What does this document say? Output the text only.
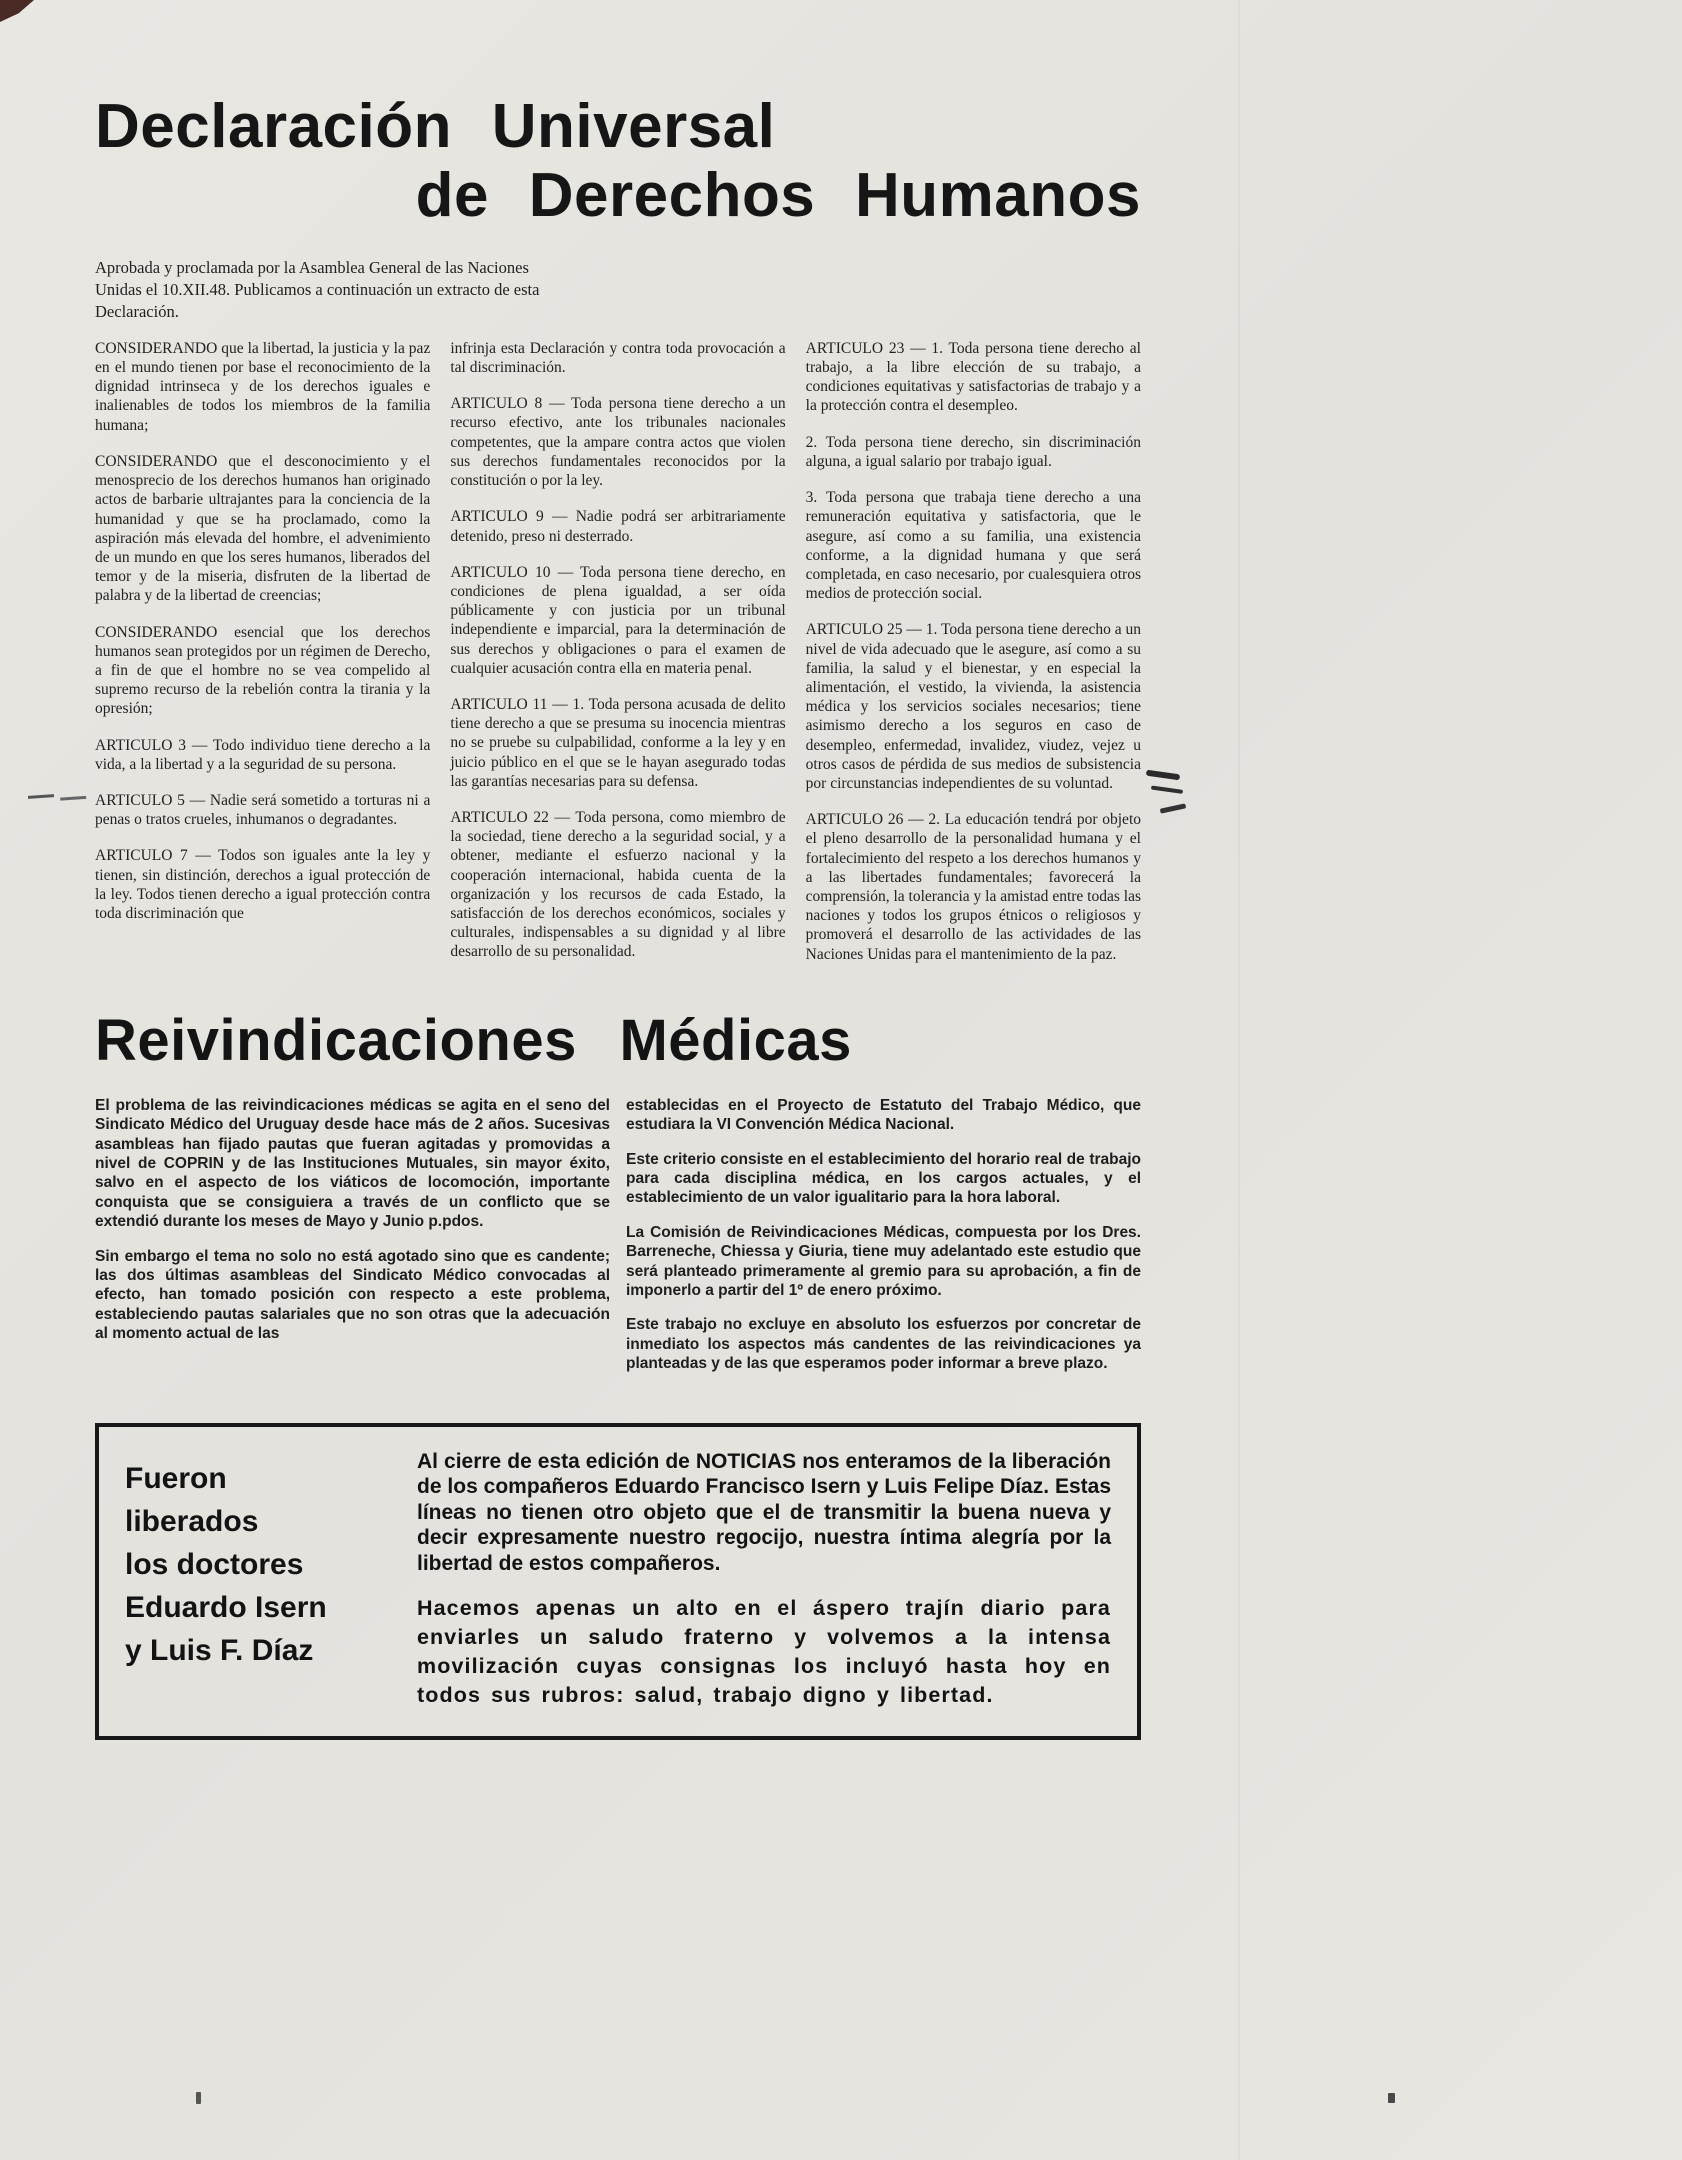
Declaración Universal
de Derechos Humanos
Aprobada y proclamada por la Asamblea General de las Naciones Unidas el 10.XII.48. Publicamos a continuación un extracto de esta Declaración.

CONSIDERANDO que la libertad, la justicia y la paz en el mundo tienen por base el reconocimiento de la dignidad intrinseca y de los derechos iguales e inalienables de todos los miembros de la familia humana;

CONSIDERANDO que el desconocimiento y el menosprecio de los derechos humanos han originado actos de barbarie ultrajantes para la conciencia de la humanidad y que se ha proclamado, como la aspiración más elevada del hombre, el advenimiento de un mundo en que los seres humanos, liberados del temor y de la miseria, disfruten de la libertad de palabra y de la libertad de creencias;

CONSIDERANDO esencial que los derechos humanos sean protegidos por un régimen de Derecho, a fin de que el hombre no se vea compelido al supremo recurso de la rebelión contra la tirania y la opresión;

ARTICULO 3 — Todo individuo tiene derecho a la vida, a la libertad y a la seguridad de su persona.

ARTICULO 5 — Nadie será sometido a torturas ni a penas o tratos crueles, inhumanos o degradantes.

ARTICULO 7 — Todos son iguales ante la ley y tienen, sin distinción, derechos a igual protección de la ley. Todos tienen derecho a igual protección contra toda discriminación que

infrinja esta Declaración y contra toda provocación a tal discriminación.

ARTICULO 8 — Toda persona tiene derecho a un recurso efectivo, ante los tribunales nacionales competentes, que la ampare contra actos que violen sus derechos fundamentales reconocidos por la constitución o por la ley.

ARTICULO 9 — Nadie podrá ser arbitrariamente detenido, preso ni desterrado.

ARTICULO 10 — Toda persona tiene derecho, en condiciones de plena igualdad, a ser oída públicamente y con justicia por un tribunal independiente e imparcial, para la determinación de sus derechos y obligaciones o para el examen de cualquier acusación contra ella en materia penal.

ARTICULO 11 — 1. Toda persona acusada de delito tiene derecho a que se presuma su inocencia mientras no se pruebe su culpabilidad, conforme a la ley y en juicio público en el que se le hayan asegurado todas las garantías necesarias para su defensa.

ARTICULO 22 — Toda persona, como miembro de la sociedad, tiene derecho a la seguridad social, y a obtener, mediante el esfuerzo nacional y la cooperación internacional, habida cuenta de la organización y los recursos de cada Estado, la satisfacción de los derechos económicos, sociales y culturales, indispensables a su dignidad y al libre desarrollo de su personalidad.

ARTICULO 23 — 1. Toda persona tiene derecho al trabajo, a la libre elección de su trabajo, a condiciones equitativas y satisfactorias de trabajo y a la protección contra el desempleo.

2. Toda persona tiene derecho, sin discriminación alguna, a igual salario por trabajo igual.

3. Toda persona que trabaja tiene derecho a una remuneración equitativa y satisfactoria, que le asegure, así como a su familia, una existencia conforme, a la dignidad humana y que será completada, en caso necesario, por cualesquiera otros medios de protección social.

ARTICULO 25 — 1. Toda persona tiene derecho a un nivel de vida adecuado que le asegure, así como a su familia, la salud y el bienestar, y en especial la alimentación, el vestido, la vivienda, la asistencia médica y los servicios sociales necesarios; tiene asimismo derecho a los seguros en caso de desempleo, enfermedad, invalidez, viudez, vejez u otros casos de pérdida de sus medios de subsistencia por circunstancias independientes de su voluntad.

ARTICULO 26 — 2. La educación tendrá por objeto el pleno desarrollo de la personalidad humana y el fortalecimiento del respeto a los derechos humanos y a las libertades fundamentales; favorecerá la comprensión, la tolerancia y la amistad entre todas las naciones y todos los grupos étnicos o religiosos y promoverá el desarrollo de las actividades de las Naciones Unidas para el mantenimiento de la paz.

Reivindicaciones Médicas

El problema de las reivindicaciones médicas se agita en el seno del Sindicato Médico del Uruguay desde hace más de 2 años. Sucesivas asambleas han fijado pautas que fueran agitadas y promovidas a nivel de COPRIN y de las Instituciones Mutuales, sin mayor éxito, salvo en el aspecto de los viáticos de locomoción, importante conquista que se consiguiera a través de un conflicto que se extendió durante los meses de Mayo y Junio p.pdos.

Sin embargo el tema no solo no está agotado sino que es candente; las dos últimas asambleas del Sindicato Médico convocadas al efecto, han tomado posición con respecto a este problema, estableciendo pautas salariales que no son otras que la adecuación al momento actual de las

establecidas en el Proyecto de Estatuto del Trabajo Médico, que estudiara la VI Convención Médica Nacional.

Este criterio consiste en el establecimiento del horario real de trabajo para cada disciplina médica, en los cargos actuales, y el establecimiento de un valor igualitario para la hora laboral.

La Comisión de Reivindicaciones Médicas, compuesta por los Dres. Barreneche, Chiessa y Giuria, tiene muy adelantado este estudio que será planteado primeramente al gremio para su aprobación, a fin de imponerlo a partir del 1º de enero próximo.

Este trabajo no excluye en absoluto los esfuerzos por concretar de inmediato los aspectos más candentes de las reivindicaciones ya planteadas y de las que esperamos poder informar a breve plazo.

Fueron
liberados
los doctores
Eduardo Isern
y Luis F. Díaz

Al cierre de esta edición de NOTICIAS nos enteramos de la liberación de los compañeros Eduardo Francisco Isern y Luis Felipe Díaz. Estas líneas no tienen otro objeto que el de transmitir la buena nueva y decir expresamente nuestro regocijo, nuestra íntima alegría por la libertad de estos compañeros.

Hacemos apenas un alto en el áspero trajín diario para enviarles un saludo fraterno y volvemos a la intensa movilización cuyas consignas los incluyó hasta hoy en todos sus rubros: salud, trabajo digno y libertad.
